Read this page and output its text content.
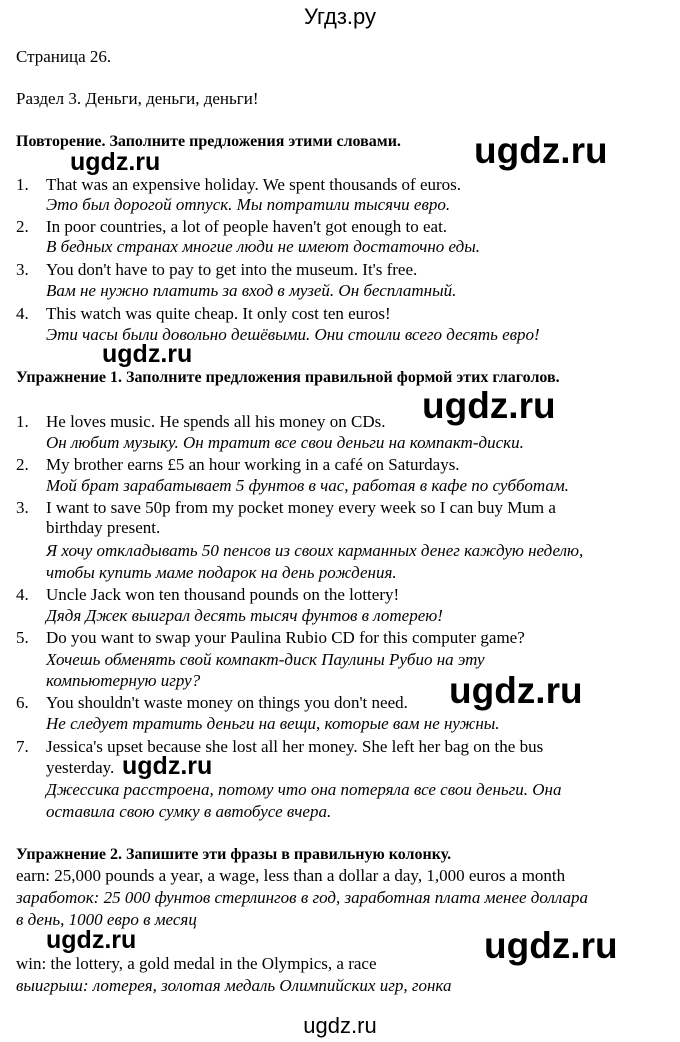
Угдз.ру
Страница 26.
Раздел 3. Деньги, деньги, деньги!
Повторение. Заполните предложения этими словами.
1. That was an expensive holiday. We spent thousands of euros.
Это был дорогой отпуск. Мы потратили тысячи евро.
2. In poor countries, a lot of people haven't got enough to eat.
В бедных странах многие люди не имеют достаточно еды.
3. You don't have to pay to get into the museum. It's free.
Вам не нужно платить за вход в музей. Он бесплатный.
4. This watch was quite cheap. It only cost ten euros!
Эти часы были довольно дешёвыми. Они стоили всего десять евро!
Упражнение 1. Заполните предложения правильной формой этих глаголов.
1. He loves music. He spends all his money on CDs.
Он любит музыку. Он тратит все свои деньги на компакт-диски.
2. My brother earns £5 an hour working in a café on Saturdays.
Мой брат зарабатывает 5 фунтов в час, работая в кафе по субботам.
3. I want to save 50p from my pocket money every week so I can buy Mum a
birthday present.
Я хочу откладывать 50 пенсов из своих карманных денег каждую неделю,
чтобы купить маме подарок на день рождения.
4. Uncle Jack won ten thousand pounds on the lottery!
Дядя Джек выиграл десять тысяч фунтов в лотерею!
5. Do you want to swap your Paulina Rubio CD for this computer game?
Хочешь обменять свой компакт-диск Паулины Рубио на эту
компьютерную игру?
6. You shouldn't waste money on things you don't need.
Не следует тратить деньги на вещи, которые вам не нужны.
7. Jessica's upset because she lost all her money. She left her bag on the bus
yesterday.
Джессика расстроена, потому что она потеряла все свои деньги. Она
оставила свою сумку в автобусе вчера.
Упражнение 2. Запишите эти фразы в правильную колонку.
earn: 25,000 pounds a year, a wage, less than a dollar a day, 1,000 euros a month
заработок: 25 000 фунтов стерлингов в год, заработная плата менее доллара
в день, 1000 евро в месяц
win: the lottery, a gold medal in the Olympics, a race
выигрыш: лотерея, золотая медаль Олимпийских игр, гонка
ugdz.ru	ugdz.ru
ugdz.ru
ugdz.ru
ugdz.ru
ugdz.ru
ugdz.ru	ugdz.ru
ugdz.ru
